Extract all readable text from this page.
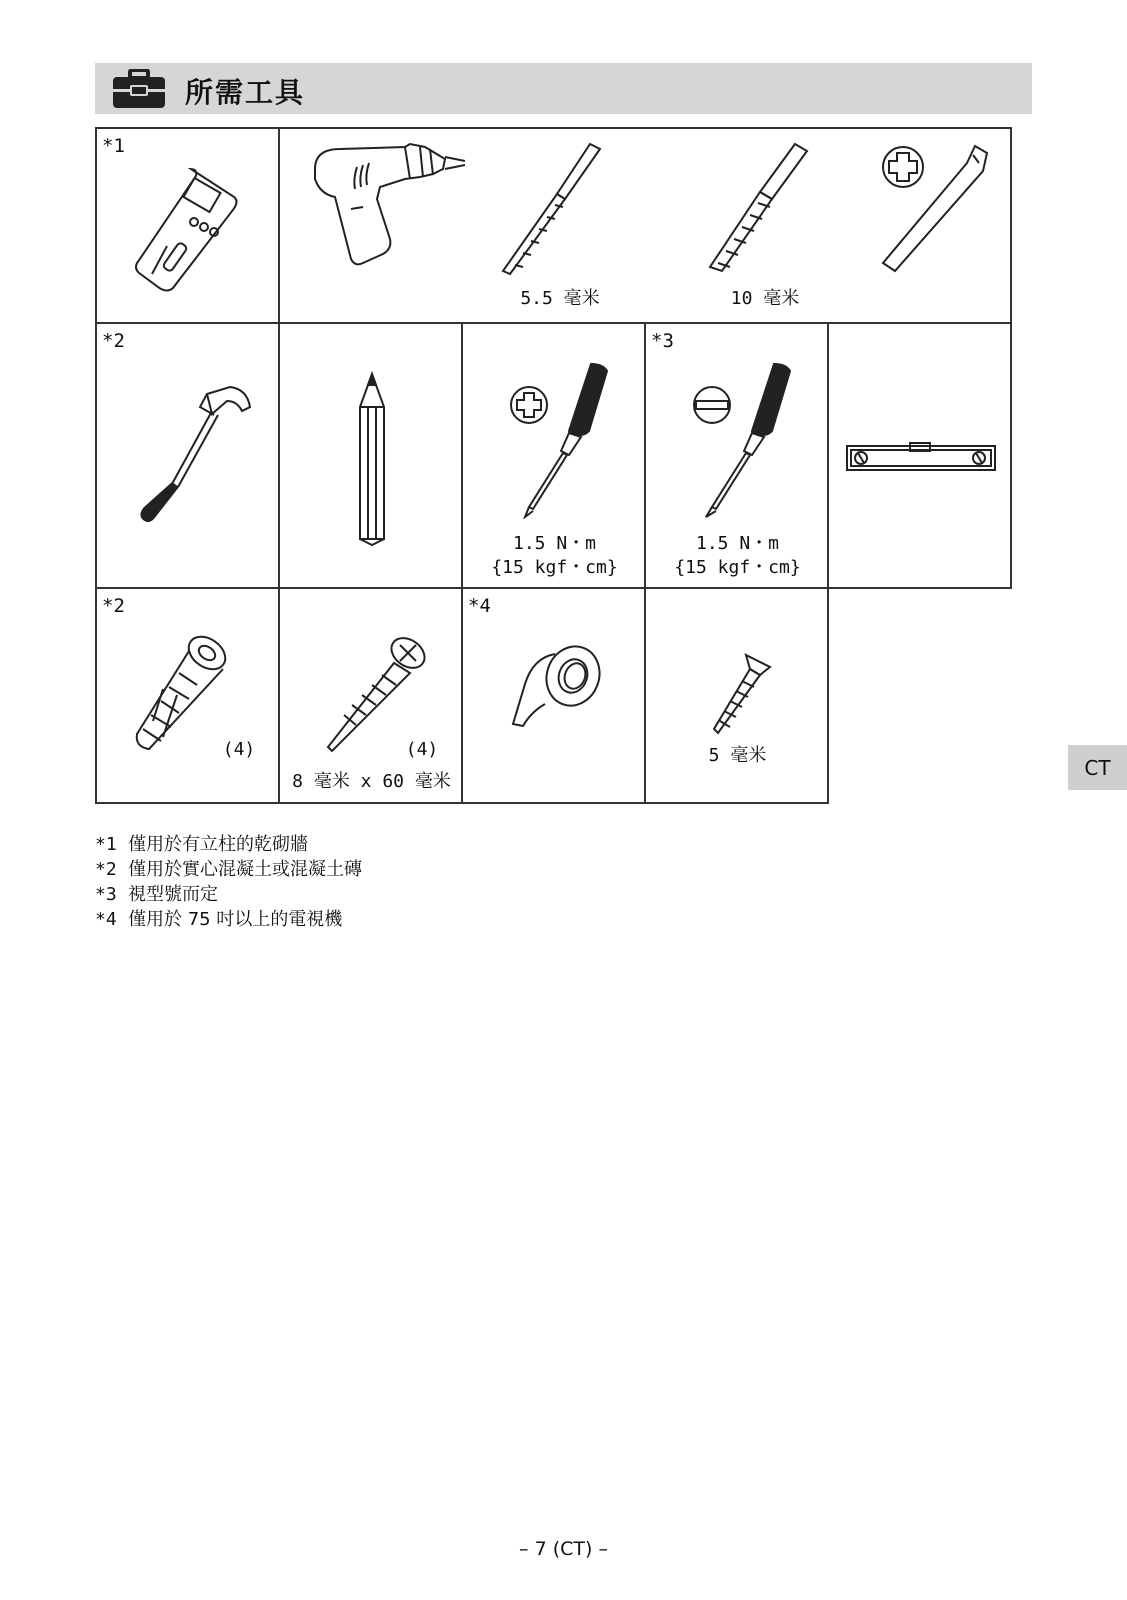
所需工具
*1
5.5 毫米	10 毫米
*2
1.5 N・m
{15 kgf・cm}
*3
1.5 N・m
{15 kgf・cm}
*2
(4)	(4)
8 毫米 x 60 毫米
*4
5 毫米
*1 僅用於有立柱的乾砌牆
*2 僅用於實心混凝土或混凝土磚
*3 視型號而定
*4 僅用於 75 吋以上的電視機
CT
– 7 (CT) –
